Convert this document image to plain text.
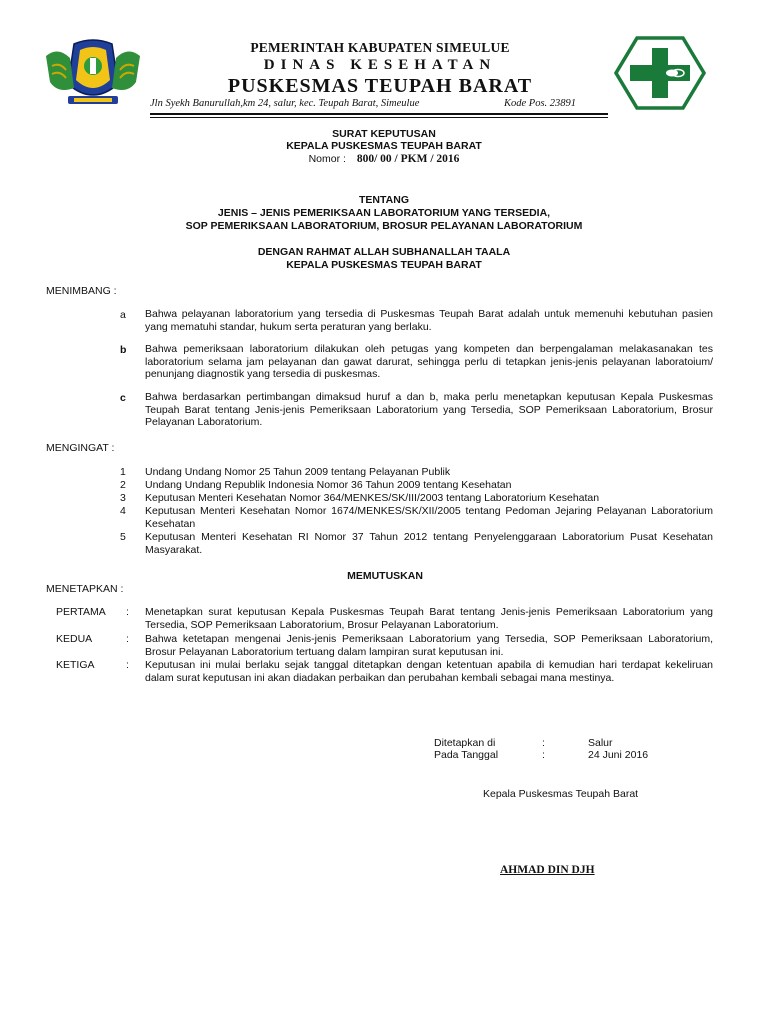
PEMERINTAH KABUPATEN SIMEULUE
DINAS KESEHATAN
PUSKESMAS TEUPAH BARAT
Jln Syekh Banurullah,km 24, salur, kec. Teupah Barat, Simeulue	Kode Pos. 23891
SURAT KEPUTUSAN
KEPALA PUSKESMAS TEUPAH BARAT
Nomor : 800/ 00 / PKM / 2016
TENTANG
JENIS – JENIS PEMERIKSAAN LABORATORIUM YANG TERSEDIA,
SOP PEMERIKSAAN LABORATORIUM, BROSUR PELAYANAN LABORATORIUM
DENGAN RAHMAT ALLAH SUBHANALLAH TAALA
KEPALA PUSKESMAS TEUPAH BARAT
MENIMBANG :
a Bahwa pelayanan laboratorium yang tersedia di Puskesmas Teupah Barat adalah untuk memenuhi kebutuhan pasien yang mematuhi standar, hukum serta peraturan yang berlaku.
b Bahwa pemeriksaan laboratorium dilakukan oleh petugas yang kompeten dan berpengalaman melakasanakan tes laboratorium selama jam pelayanan dan gawat darurat, sehingga perlu di tetapkan jenis-jenis pelayanan laboratoium/ penunjang diagnostik yang tersedia di puskesmas.
c Bahwa berdasarkan pertimbangan dimaksud huruf a dan b, maka perlu menetapkan keputusan Kepala Puskesmas Teupah Barat tentang Jenis-jenis Pemeriksaan Laboratorium yang Tersedia, SOP Pemeriksaan Laboratorium, Brosur Pelayanan Laboratorium.
MENGINGAT :
1 Undang Undang Nomor 25 Tahun 2009 tentang Pelayanan Publik
2 Undang Undang Republik Indonesia Nomor 36 Tahun 2009 tentang Kesehatan
3 Keputusan Menteri Kesehatan Nomor 364/MENKES/SK/III/2003 tentang Laboratorium Kesehatan
4 Keputusan Menteri Kesehatan Nomor 1674/MENKES/SK/XII/2005 tentang Pedoman Jejaring Pelayanan Laboratorium Kesehatan
5 Keputusan Menteri Kesehatan RI Nomor 37 Tahun 2012 tentang Penyelenggaraan Laboratorium Pusat Kesehatan Masyarakat.
MEMUTUSKAN
MENETAPKAN :
PERTAMA : Menetapkan surat keputusan Kepala Puskesmas Teupah Barat tentang Jenis-jenis Pemeriksaan Laboratorium yang Tersedia, SOP Pemeriksaan Laboratorium, Brosur Pelayanan Laboratorium.
KEDUA	: Bahwa ketetapan mengenai Jenis-jenis Pemeriksaan Laboratorium yang Tersedia, SOP Pemeriksaan Laboratorium, Brosur Pelayanan Laboratorium tertuang dalam lampiran surat keputusan ini.
KETIGA	: Keputusan ini mulai berlaku sejak tanggal ditetapkan dengan ketentuan apabila di kemudian hari terdapat kekeliruan dalam surat keputusan ini akan diadakan perbaikan dan perubahan kembali sebagai mana mestinya.
Ditetapkan di	:	Salur
Pada Tanggal	:	24 Juni 2016
Kepala Puskesmas Teupah Barat
AHMAD DIN DJH
